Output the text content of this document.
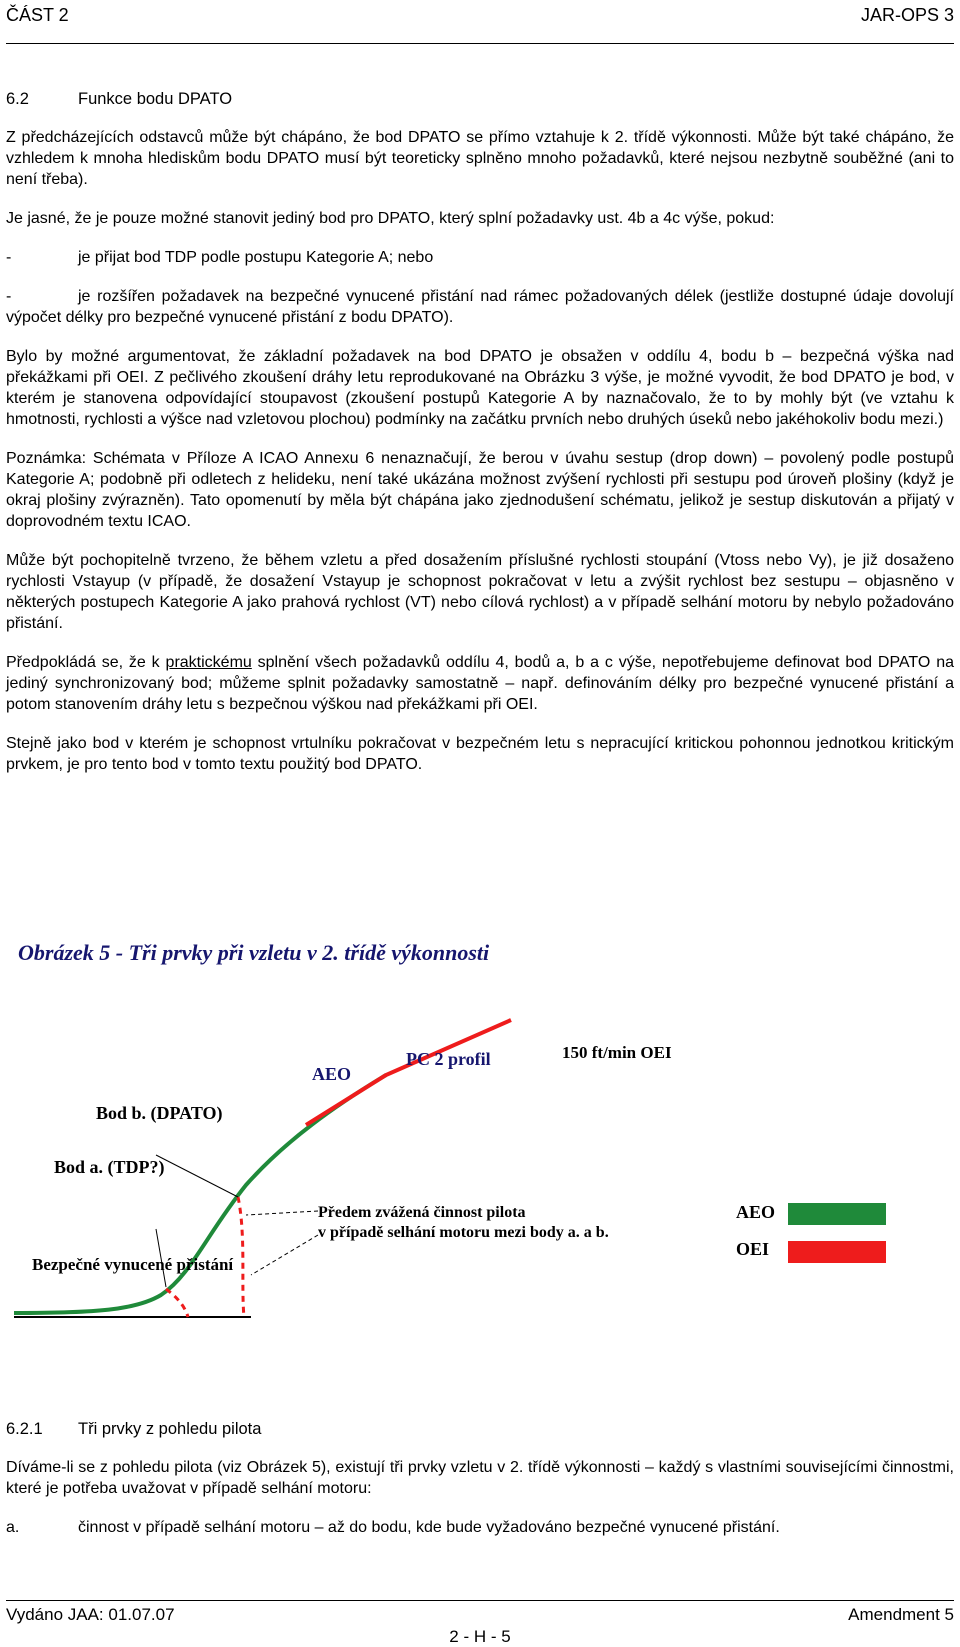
ČÁST 2	JAR-OPS 3
6.2	Funkce bodu DPATO

Z předcházejících odstavců může být chápáno, že bod DPATO se přímo vztahuje k 2. třídě výkonnosti. Může být také chápáno, že vzhledem k mnoha hlediskům bodu DPATO musí být teoreticky splněno mnoho požadavků, které nejsou nezbytně souběžné (ani to není třeba).

Je jasné, že je pouze možné stanovit jediný bod pro DPATO, který splní požadavky ust. 4b a 4c výše, pokud:

-	je přijat bod TDP podle postupu Kategorie A; nebo
-	je rozšířen požadavek na bezpečné vynucené přistání nad rámec požadovaných délek (jestliže dostupné údaje dovolují výpočet délky pro bezpečné vynucené přistání z bodu DPATO).

Bylo by možné argumentovat, že základní požadavek na bod DPATO je obsažen v oddílu 4, bodu b – bezpečná výška nad překážkami při OEI. Z pečlivého zkoušení dráhy letu reprodukované na Obrázku 3 výše, je možné vyvodit, že bod DPATO je bod, v kterém je stanovena odpovídající stoupavost (zkoušení postupů Kategorie A by naznačovalo, že to by mohly být (ve vztahu k hmotnosti, rychlosti a výšce nad vzletovou plochou) podmínky na začátku prvních nebo druhých úseků nebo jakéhokoliv bodu mezi.)

Poznámka: Schémata v Příloze A ICAO Annexu 6 nenaznačují, že berou v úvahu sestup (drop down) – povolený podle postupů Kategorie A; podobně při odletech z helideku, není také ukázána možnost zvýšení rychlosti při sestupu pod úroveň plošiny (když je okraj plošiny zvýrazněn). Tato opomenutí by měla být chápána jako zjednodušení schématu, jelikož je sestup diskutován a přijatý v doprovodném textu ICAO.

Může být pochopitelně tvrzeno, že během vzletu a před dosažením příslušné rychlosti stoupání (Vtoss nebo Vy), je již dosaženo rychlosti Vstayup (v případě, že dosažení Vstayup je schopnost pokračovat v letu a zvýšit rychlost bez sestupu – objasněno v některých postupech Kategorie A jako prahová rychlost (VT) nebo cílová rychlost) a v případě selhání motoru by nebylo požadováno přistání.

Předpokládá se, že k praktickému splnění všech požadavků oddílu 4, bodů a, b a c výše, nepotřebujeme definovat bod DPATO na jediný synchronizovaný bod; můžeme splnit požadavky samostatně – např. definováním délky pro bezpečné vynucené přistání a potom stanovením dráhy letu s bezpečnou výškou nad překážkami při OEI.

Stejně jako bod v kterém je schopnost vrtulníku pokračovat v bezpečném letu s nepracující kritickou pohonnou jednotkou kritickým prvkem, je pro tento bod v tomto textu použitý bod DPATO.

Obrázek 5 - Tři prvky při vzletu v 2. třídě výkonnosti
AEO
PC 2 profil	150 ft/min OEI
Bod b. (DPATO)
Bod a. (TDP?)
Předem zvážená činnost pilota
v případě selhání motoru mezi body a. a b.
Bezpečné vynucené přistání
AEO
OEI
6.2.1	Tři prvky z pohledu pilota

Díváme-li se z pohledu pilota (viz Obrázek 5), existují tři prvky vzletu v 2. třídě výkonnosti – každý s vlastními souvisejícími činnostmi, které je potřeba uvažovat v případě selhání motoru:

a.	činnost v případě selhání motoru – až do bodu, kde bude vyžadováno bezpečné vynucené přistání.
Vydáno JAA: 01.07.07	Amendment 5
2 - H - 5
